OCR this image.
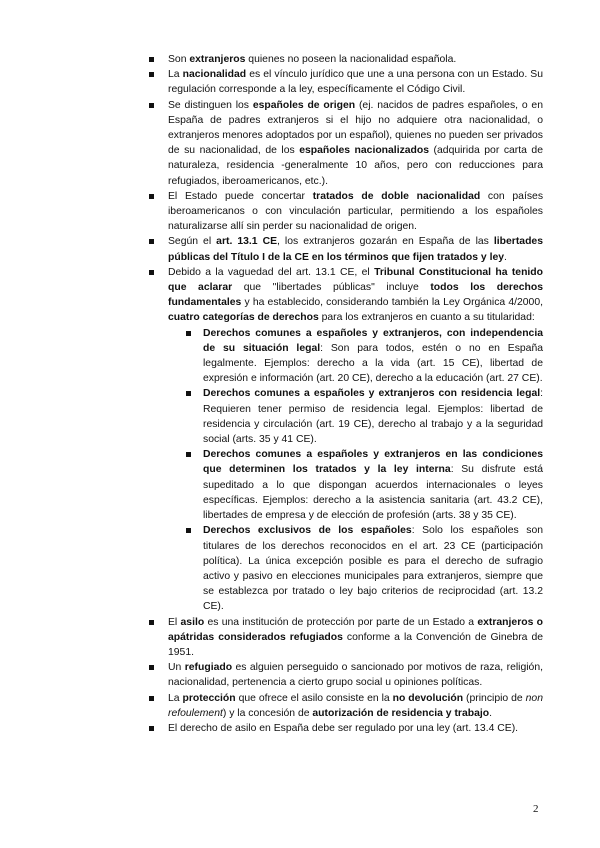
Son extranjeros quienes no poseen la nacionalidad española.
La nacionalidad es el vínculo jurídico que une a una persona con un Estado. Su regulación corresponde a la ley, específicamente el Código Civil.
Se distinguen los españoles de origen (ej. nacidos de padres españoles, o en España de padres extranjeros si el hijo no adquiere otra nacionalidad, o extranjeros menores adoptados por un español), quienes no pueden ser privados de su nacionalidad, de los españoles nacionalizados (adquirida por carta de naturaleza, residencia -generalmente 10 años, pero con reducciones para refugiados, iberoamericanos, etc.).
El Estado puede concertar tratados de doble nacionalidad con países iberoamericanos o con vinculación particular, permitiendo a los españoles naturalizarse allí sin perder su nacionalidad de origen.
Según el art. 13.1 CE, los extranjeros gozarán en España de las libertades públicas del Título I de la CE en los términos que fijen tratados y ley.
Debido a la vaguedad del art. 13.1 CE, el Tribunal Constitucional ha tenido que aclarar que "libertades públicas" incluye todos los derechos fundamentales y ha establecido, considerando también la Ley Orgánica 4/2000, cuatro categorías de derechos para los extranjeros en cuanto a su titularidad:
Derechos comunes a españoles y extranjeros, con independencia de su situación legal: Son para todos, estén o no en España legalmente. Ejemplos: derecho a la vida (art. 15 CE), libertad de expresión e información (art. 20 CE), derecho a la educación (art. 27 CE).
Derechos comunes a españoles y extranjeros con residencia legal: Requieren tener permiso de residencia legal. Ejemplos: libertad de residencia y circulación (art. 19 CE), derecho al trabajo y a la seguridad social (arts. 35 y 41 CE).
Derechos comunes a españoles y extranjeros en las condiciones que determinen los tratados y la ley interna: Su disfrute está supeditado a lo que dispongan acuerdos internacionales o leyes específicas. Ejemplos: derecho a la asistencia sanitaria (art. 43.2 CE), libertades de empresa y de elección de profesión (arts. 38 y 35 CE).
Derechos exclusivos de los españoles: Solo los españoles son titulares de los derechos reconocidos en el art. 23 CE (participación política). La única excepción posible es para el derecho de sufragio activo y pasivo en elecciones municipales para extranjeros, siempre que se establezca por tratado o ley bajo criterios de reciprocidad (art. 13.2 CE).
El asilo es una institución de protección por parte de un Estado a extranjeros o apátridas considerados refugiados conforme a la Convención de Ginebra de 1951.
Un refugiado es alguien perseguido o sancionado por motivos de raza, religión, nacionalidad, pertenencia a cierto grupo social u opiniones políticas.
La protección que ofrece el asilo consiste en la no devolución (principio de non refoulement) y la concesión de autorización de residencia y trabajo.
El derecho de asilo en España debe ser regulado por una ley (art. 13.4 CE).
2
